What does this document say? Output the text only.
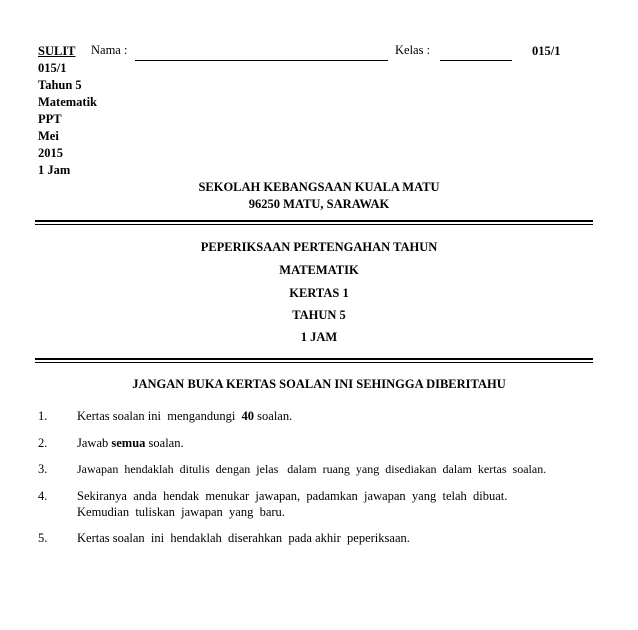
SULIT
015/1
Tahun 5
Matematik
PPT
Mei
2015
1 Jam
Nama :	Kelas :	015/1
SEKOLAH KEBANGSAAN KUALA MATU
96250 MATU, SARAWAK
PEPERIKSAAN PERTENGAHAN TAHUN
MATEMATIK
KERTAS 1
TAHUN 5
1 JAM
JANGAN BUKA KERTAS SOALAN INI SEHINGGA DIBERITAHU
1. Kertas soalan ini  mengandungi  40 soalan.
2. Jawab semua soalan.
3. Jawapan  hendaklah  ditulis  dengan  jelas   dalam  ruang  yang  disediakan  dalam  kertas  soalan.
4. Sekiranya  anda  hendak  menukar  jawapan,  padamkan  jawapan  yang  telah  dibuat.
Kemudian  tuliskan  jawapan  yang  baru.
5. Kertas soalan  ini  hendaklah  diserahkan  pada akhir  peperiksaan.
